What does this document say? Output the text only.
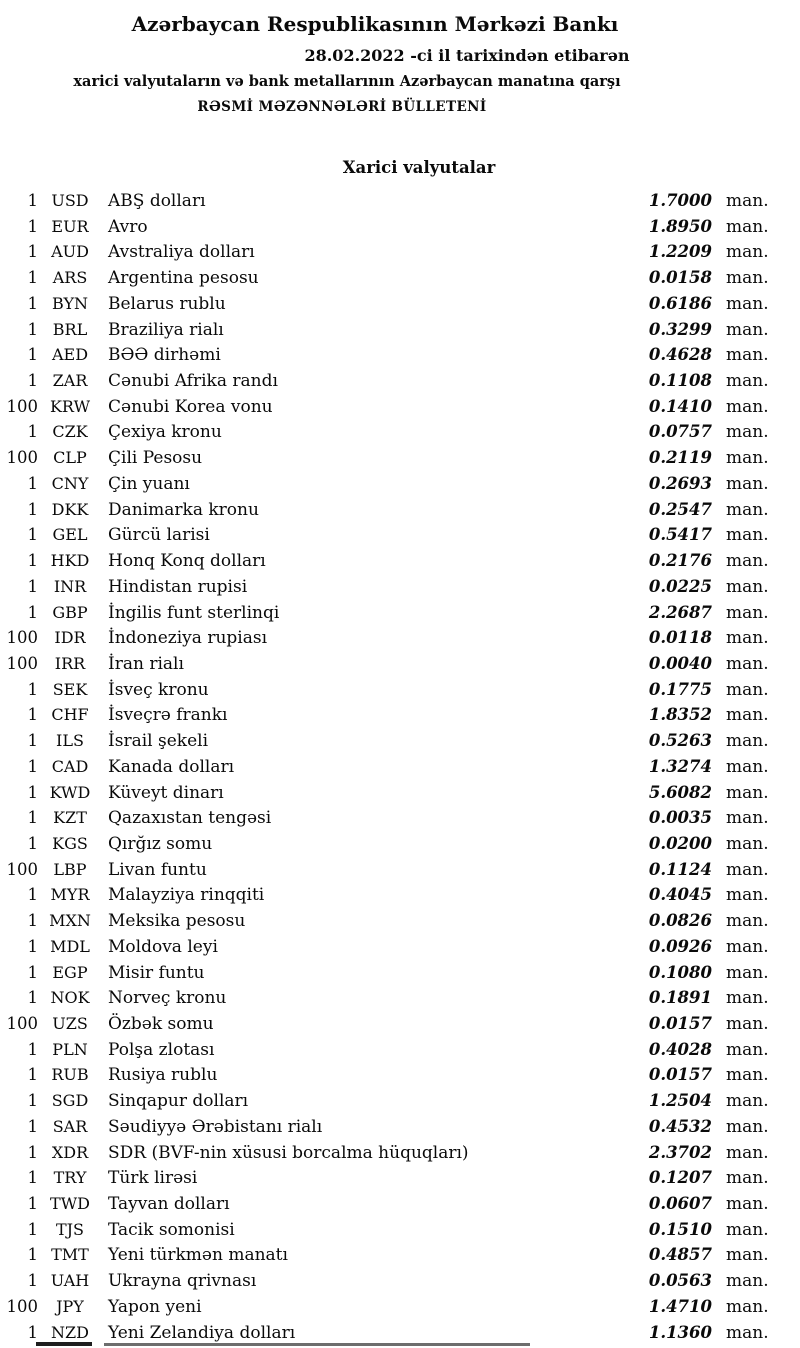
Azərbaycan Respublikasının Mərkəzi Bankı
28.02.2022 -ci il tarixindən etibarən
xarici valyutaların və bank metallarının Azərbaycan manatına qarşı
RƏSMİ MƏZƏNNƏLƏRİ BÜLLETENİ
Xarici valyutalar
1 USD	ABŞ dolları	1.7000 man.
1 EUR	Avro	1.8950 man.
1 AUD	Avstraliya dolları	1.2209 man.
1 ARS	Argentina pesosu	0.0158 man.
1 BYN	Belarus rublu	0.6186 man.
1 BRL	Braziliya rialı	0.3299 man.
1 AED	BƏƏ dirhəmi	0.4628 man.
1 ZAR	Cənubi Afrika randı	0.1108 man.
100 KRW	Cənubi Korea vonu	0.1410 man.
1 CZK	Çexiya kronu	0.0757 man.
100 CLP	Çili Pesosu	0.2119 man.
1 CNY	Çin yuanı	0.2693 man.
1 DKK	Danimarka kronu	0.2547 man.
1 GEL	Gürcü larisi	0.5417 man.
1 HKD	Honq Konq dolları	0.2176 man.
1 INR	Hindistan rupisi	0.0225 man.
1 GBP	İngilis funt sterlinqi	2.2687 man.
100	IDR	İndoneziya rupiası	0.0118 man.
100	IRR	İran rialı	0.0040 man.
1 SEK	İsveç kronu	0.1775 man.
1 CHF	İsveçrə frankı	1.8352 man.
1	ILS	İsrail şekeli	0.5263 man.
1 CAD	Kanada dolları	1.3274 man.
1 KWD	Küveyt dinarı	5.6082 man.
1 KZT	Qazaxıstan tengəsi	0.0035 man.
1 KGS	Qırğız somu	0.0200 man.
100 LBP	Livan funtu	0.1124 man.
1 MYR	Malayziya rinqqiti	0.4045 man.
1 MXN	Meksika pesosu	0.0826 man.
1 MDL	Moldova leyi	0.0926 man.
1 EGP	Misir funtu	0.1080 man.
1 NOK	Norveç kronu	0.1891 man.
100 UZS	Özbək somu	0.0157 man.
1 PLN	Polşa zlotası	0.4028 man.
1 RUB	Rusiya rublu	0.0157 man.
1 SGD	Sinqapur dolları	1.2504 man.
1 SAR	Səudiyyə Ərəbistanı rialı	0.4532 man.
1 XDR	SDR (BVF-nin xüsusi borcalma hüquqları)	2.3702 man.
1 TRY	Türk lirəsi	0.1207 man.
1 TWD	Tayvan dolları	0.0607 man.
1	TJS	Tacik somonisi	0.1510 man.
1 TMT	Yeni türkmən manatı	0.4857 man.
1 UAH	Ukrayna qrivnası	0.0563 man.
100	JPY	Yapon yeni	1.4710 man.
1 NZD	Yeni Zelandiya dolları	1.1360 man.
